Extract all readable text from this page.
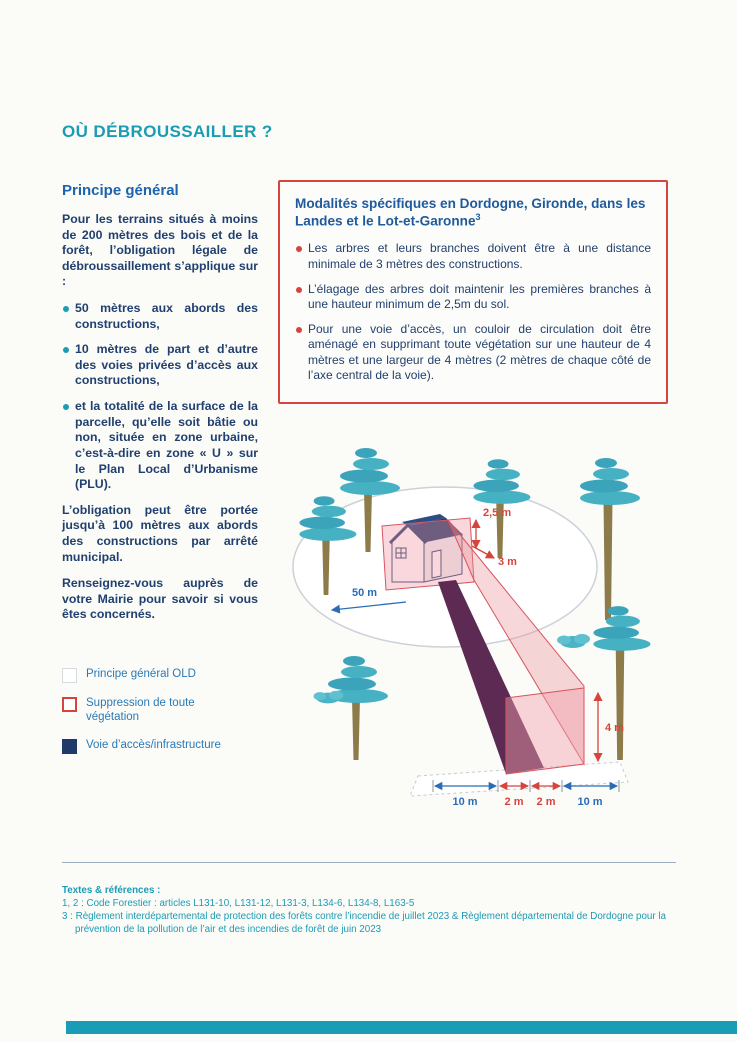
OÙ DÉBROUSSAILLER ?
Principe général

Pour les terrains situés à moins de 200 mètres des bois et de la forêt, l’obligation légale de débroussaillement s’applique sur :

50 mètres aux abords des constructions,
10 mètres de part et d’autre des voies privées d’accès aux constructions,
et la totalité de la surface de la parcelle, qu’elle soit bâtie ou non, située en zone urbaine, c’est-à-dire en zone « U » sur le Plan Local d’Urbanisme (PLU).

L’obligation peut être portée jusqu’à 100 mètres aux abords des constructions par arrêté municipal.

Renseignez-vous auprès de votre Mairie pour savoir si vous êtes concernés.

Modalités spécifiques en Dordogne, Gironde, dans les Landes et le Lot-et-Garonne$^3$
Les arbres et leurs branches doivent être à une distance minimale de 3 mètres des constructions.
L’élagage des arbres doit maintenir les premières branches à une hauteur minimum de 2,5m du sol.
Pour une voie d’accès, un couloir de circulation doit être aménagé en supprimant toute végétation sur une hauteur de 4 mètres et une largeur de 4 mètres (2 mètres de chaque côté de l’axe central de la voie).
Principe général OLD
Suppression de toute végétation
Voie d’accès/infrastructure
2,5 m
3 m
50 m
4 m
10 m 2 m 2 m 10 m
Textes & références :
1, 2 : Code Forestier : articles L131-10, L131-12, L131-3, L134-6, L134-8, L163-5
3 : Règlement interdépartemental de protection des forêts contre l’incendie de juillet 2023 & Règlement départemental de Dordogne pour la prévention de la pollution de l’air et des incendies de forêt de juin 2023
